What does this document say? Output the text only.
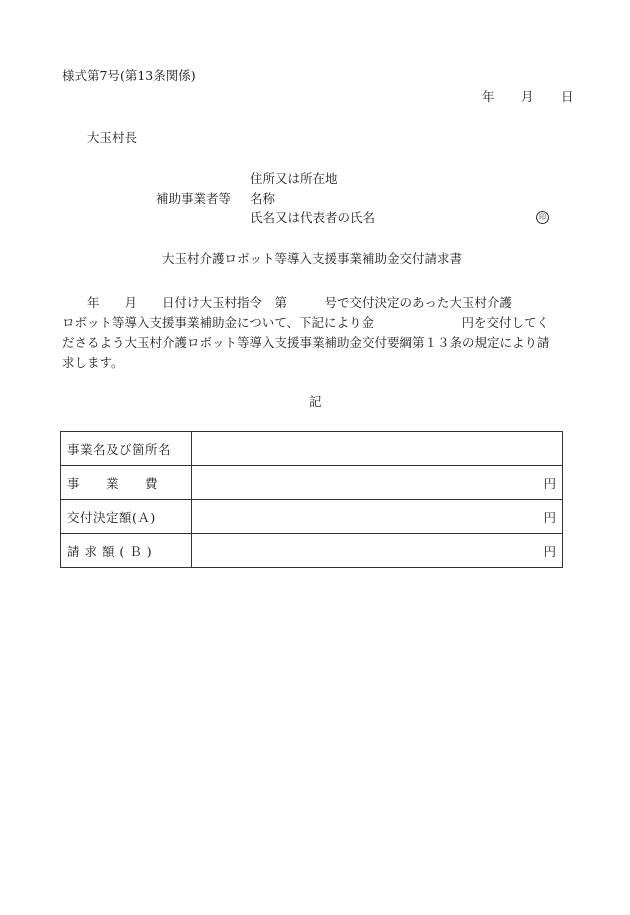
様式第7号(第13条関係)
年 月 日
大玉村長
住所又は所在地
補助事業者等 名称
氏名又は代表者の氏名	印
大玉村介護ロボット等導入支援事業補助金交付請求書
　　年　　月　　日付け大玉村指令　第　　　号で交付決定のあった大玉村介護
ロボット等導入支援事業補助金について、下記により金　　　　　　　円を交付してく
ださるよう大玉村介護ロボット等導入支援事業補助金交付要綱第１３条の規定により請
求します。
記
事業名及び箇所名	
事　　業　　費	円
交付決定額(Ａ)	円
請 求 額 ( Ｂ )	円
